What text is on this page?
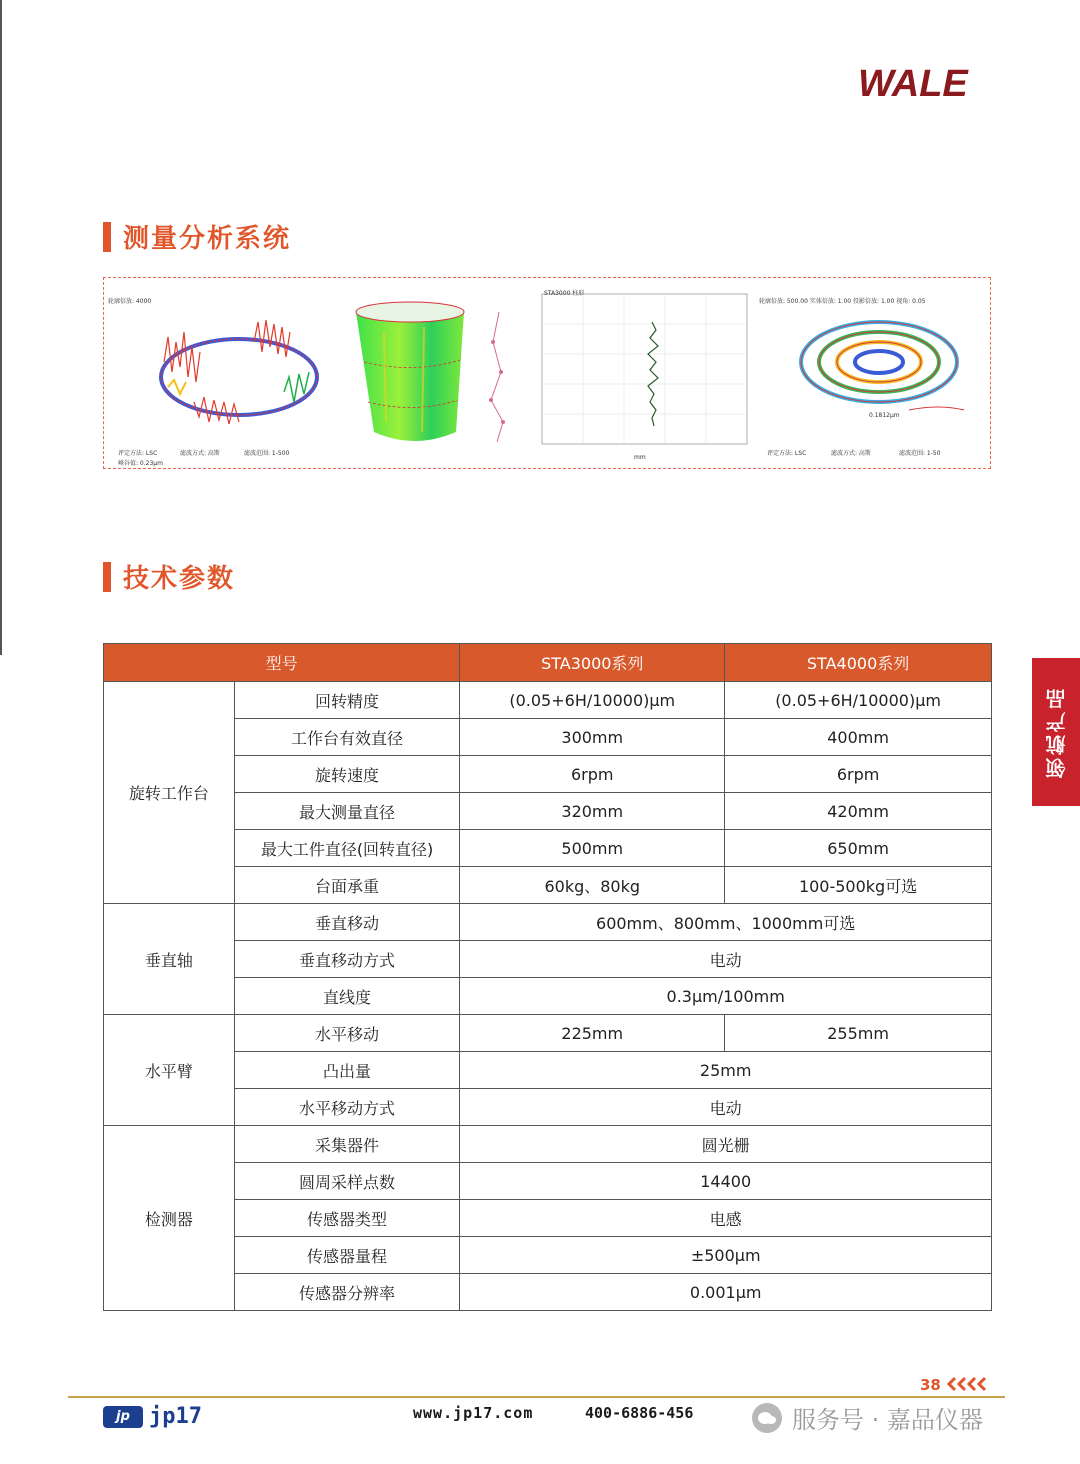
WALE
测量分析系统
轮廓倍放: 4000
评定方法: LSC	滤波方式: 高斯	滤波范围: 1-500
峰谷值: 0.23μm
STA3000 柱形
mm
轮廓倍放: 500.00 实体倍放: 1.00 投影倍放: 1.00 视角: 0.05
0.1812μm
评定方法: LSC	滤波方式: 高斯	滤波范围: 1-50
技术参数
型号		STA3000系列	STA4000系列
旋转工作台	回转精度	(0.05+6H/10000)μm	(0.05+6H/10000)μm
	工作台有效直径	300mm	400mm
	旋转速度	6rpm	6rpm
	最大测量直径	320mm	420mm
	最大工件直径(回转直径)	500mm	650mm
	台面承重	60kg、80kg	100-500kg可选
垂直轴	垂直移动	600mm、800mm、1000mm可选	
	垂直移动方式	电动	
	直线度	0.3μm/100mm	
水平臂	水平移动	225mm	255mm
	凸出量	25mm	
	水平移动方式	电动	
检测器	采集器件	圆光栅	
	圆周采样点数	14400	
	传感器类型	电感	
	传感器量程	±500μm	
	传感器分辨率	0.001μm	
领航产品
38
jp jp17	www.jp17.com	400-6886-456	服务号 · 嘉品仪器
